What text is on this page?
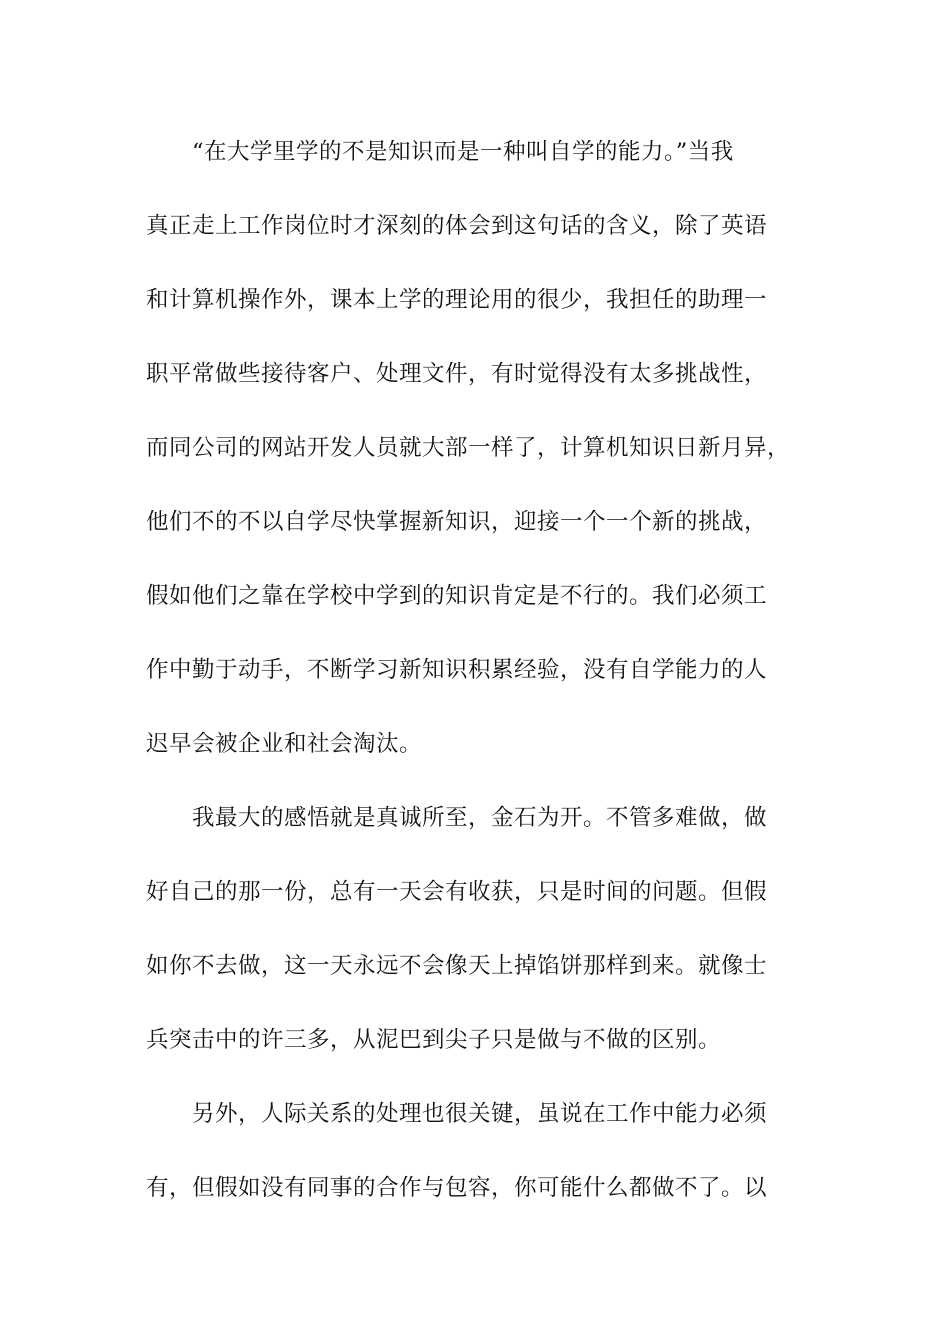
“在大学里学的不是知识而是一种叫自学的能力。”当我
真正走上工作岗位时才深刻的体会到这句话的含义，除了英语
和计算机操作外，课本上学的理论用的很少，我担任的助理一
职平常做些接待客户、处理文件，有时觉得没有太多挑战性，
而同公司的网站开发人员就大部一样了，计算机知识日新月异，
他们不的不以自学尽快掌握新知识，迎接一个一个新的挑战，
假如他们之靠在学校中学到的知识肯定是不行的。我们必须工
作中勤于动手，不断学习新知识积累经验，没有自学能力的人
迟早会被企业和社会淘汰。
我最大的感悟就是真诚所至，金石为开。不管多难做，做
好自己的那一份，总有一天会有收获，只是时间的问题。但假
如你不去做，这一天永远不会像天上掉馅饼那样到来。就像士
兵突击中的许三多，从泥巴到尖子只是做与不做的区别。
另外，人际关系的处理也很关键，虽说在工作中能力必须
有，但假如没有同事的合作与包容，你可能什么都做不了。以
